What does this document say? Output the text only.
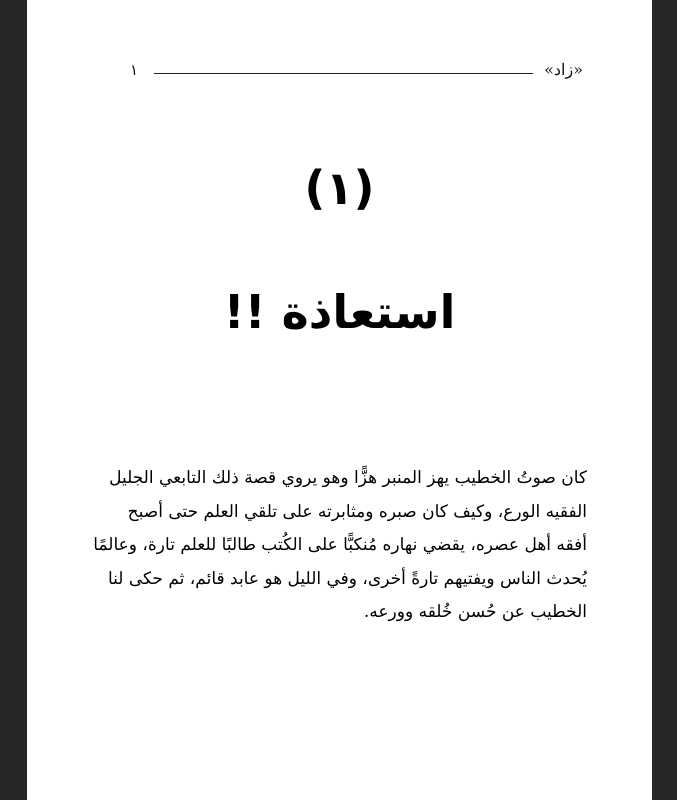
١	«زاد»
(١)
استعاذة !!
كان صوتُ الخطيب يهز المنبر هزًّا وهو يروي قصة ذلك التابعي الجليل
الفقيه الورع، وكيف كان صبره ومثابرته على تلقي العلم حتى أصبح
أفقه أهل عصره، يقضي نهاره مُنكبًّا على الكُتب طالبًا للعلم تارة، وعالمًا
يُحدث الناس ويفتيهم تارةً أخرى، وفي الليل هو عابد قائم، ثم حكى لنا
الخطيب عن حُسن خُلقه وورعه.
